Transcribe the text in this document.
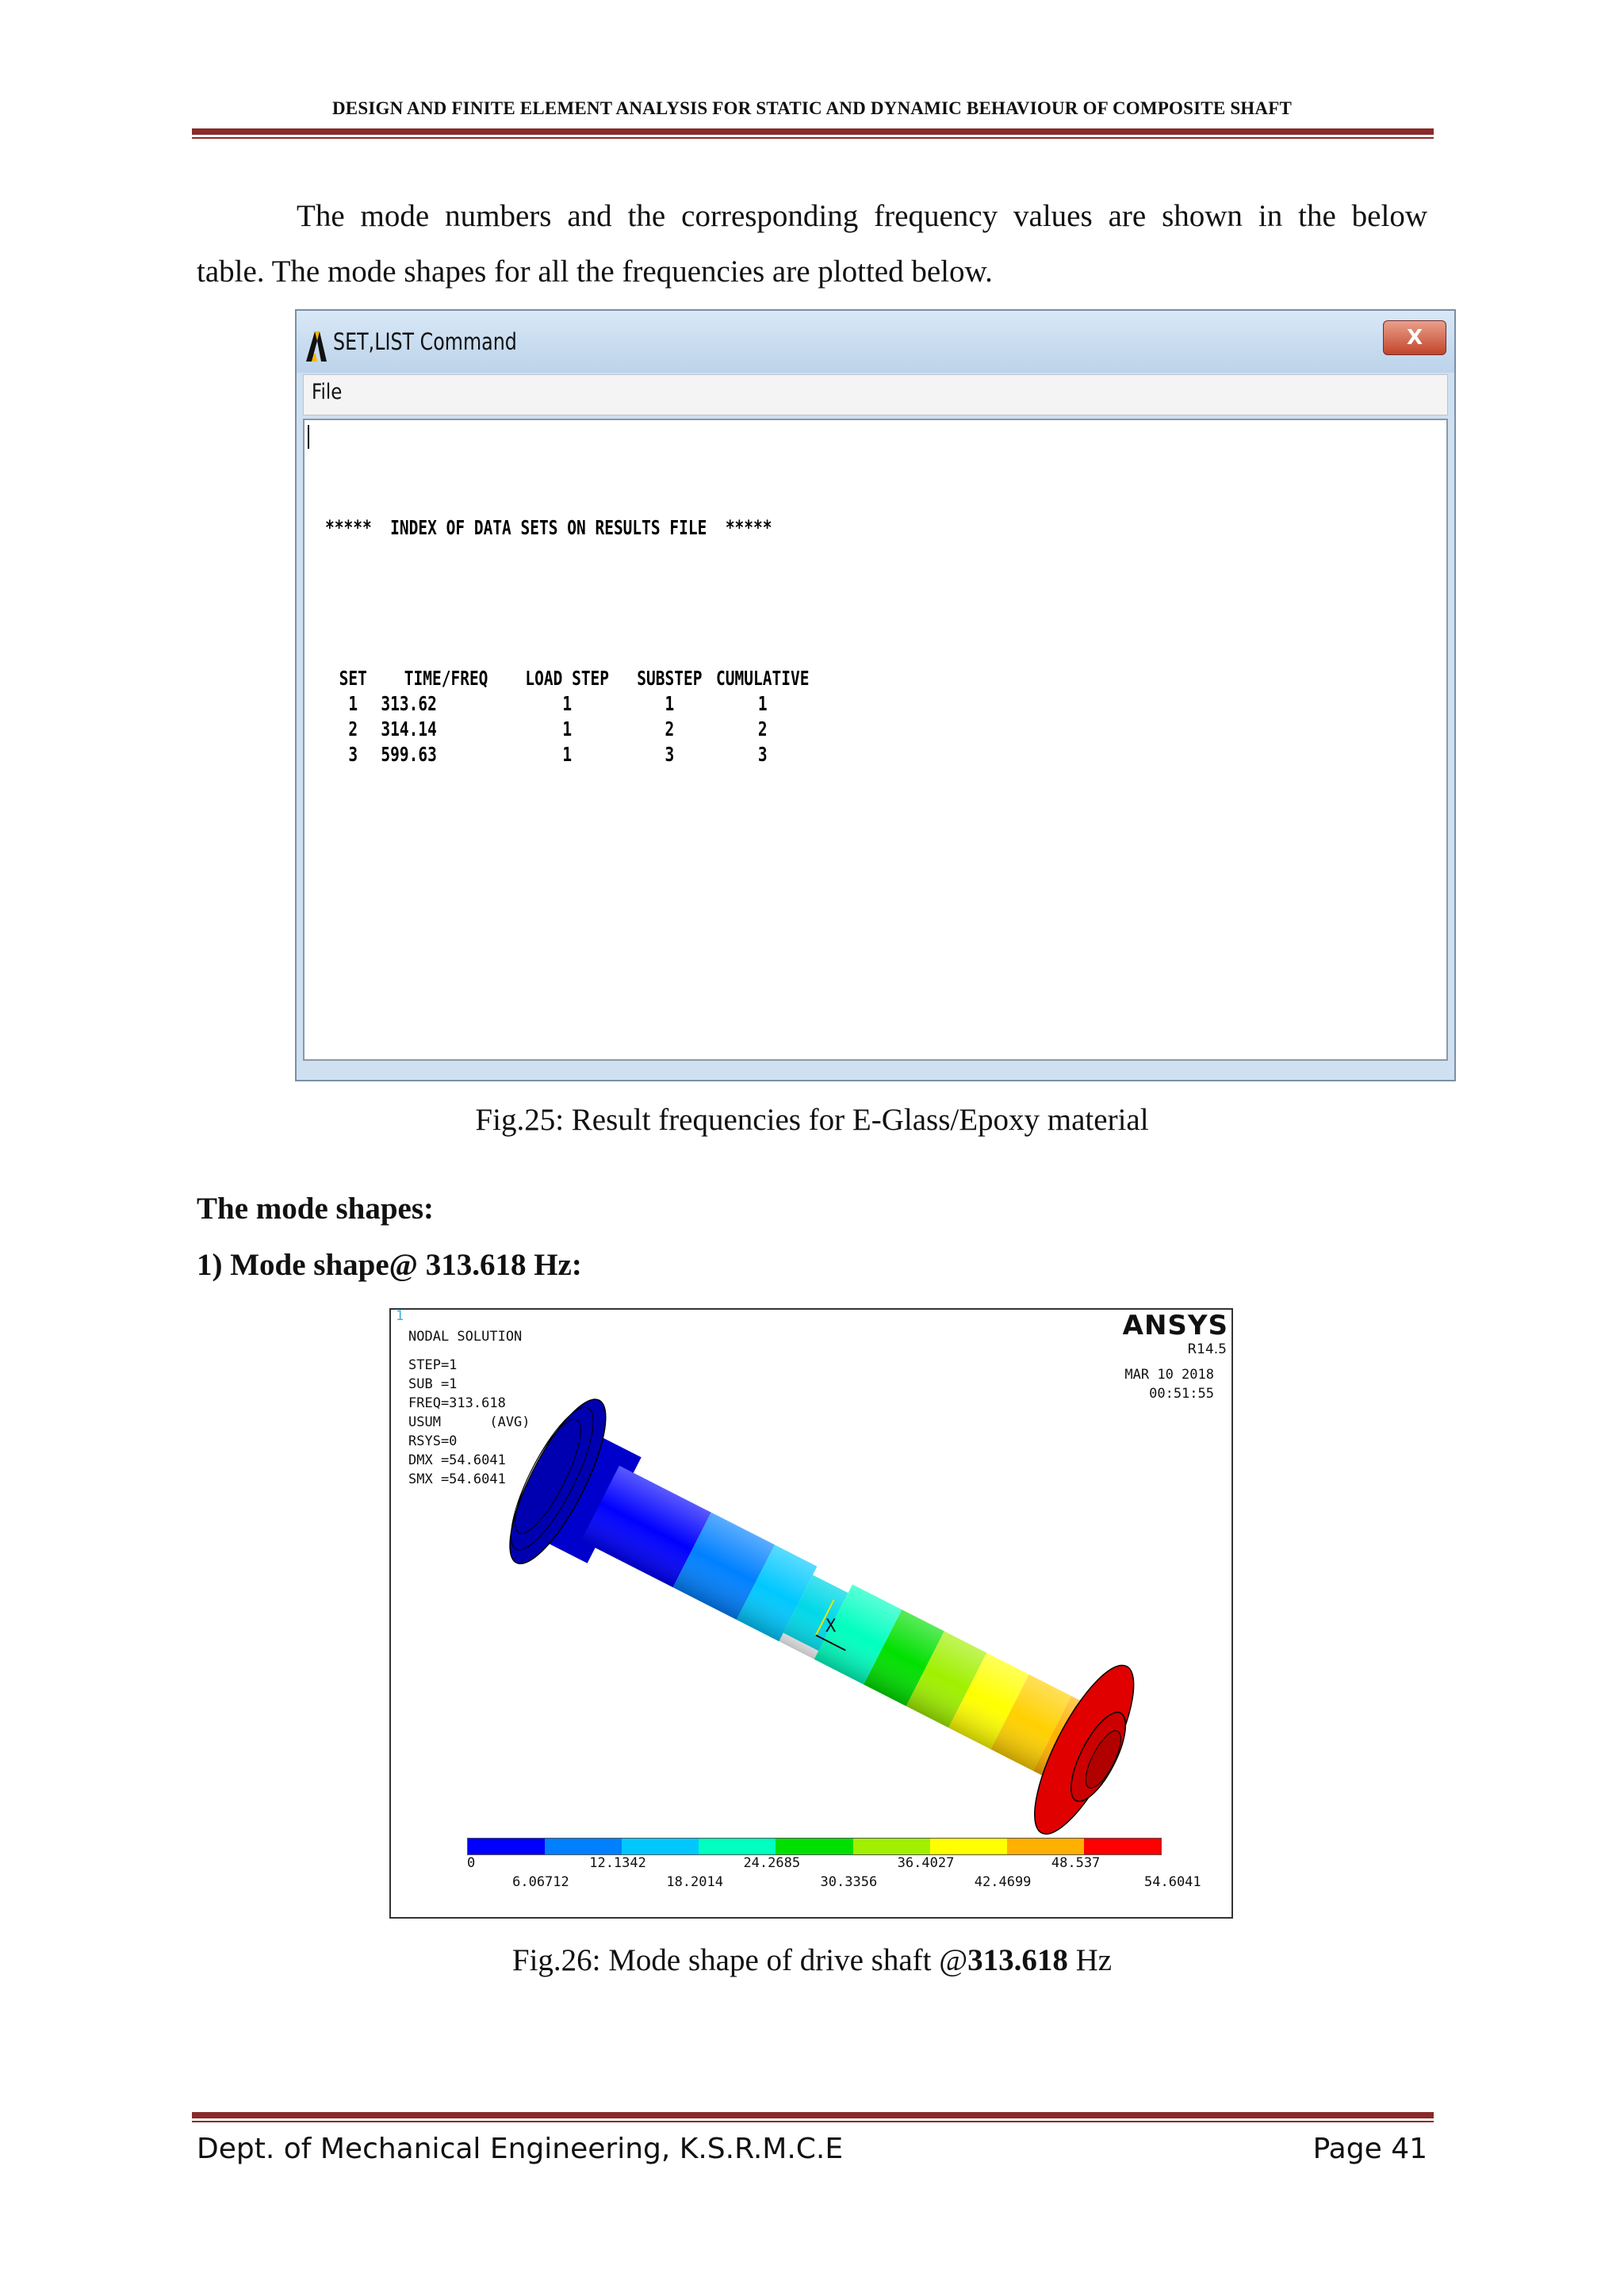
DESIGN AND FINITE ELEMENT ANALYSIS FOR STATIC AND DYNAMIC BEHAVIOUR OF COMPOSITE SHAFT

The mode numbers and the corresponding frequency values are shown in the below

table. The mode shapes for all the frequencies are plotted below.

SET,LIST Command	X
File

*****  INDEX OF DATA SETS ON RESULTS FILE  *****

SET TIME/FREQ LOAD STEP SUBSTEP CUMULATIVE
1 313.62	1	1	1
2 314.14	1	2	2
3 599.63	1	3	3

Fig.25: Result frequencies for E-Glass/Epoxy material
The mode shapes:
1) Mode shape@ 313.618 Hz:
1
NODAL SOLUTION
STEP=1
SUB =1
FREQ=313.618
USUM      (AVG)
RSYS=0
DMX =54.6041
SMX =54.6041
ANSYS
R14.5
MAR 10 2018
00:51:55
X
0	12.1342	24.2685	36.4027	48.537
6.06712	18.2014	30.3356	42.4699	54.6041
Fig.26: Mode shape of drive shaft @313.618 Hz
Dept. of Mechanical Engineering, K.S.R.M.C.E	Page 41
